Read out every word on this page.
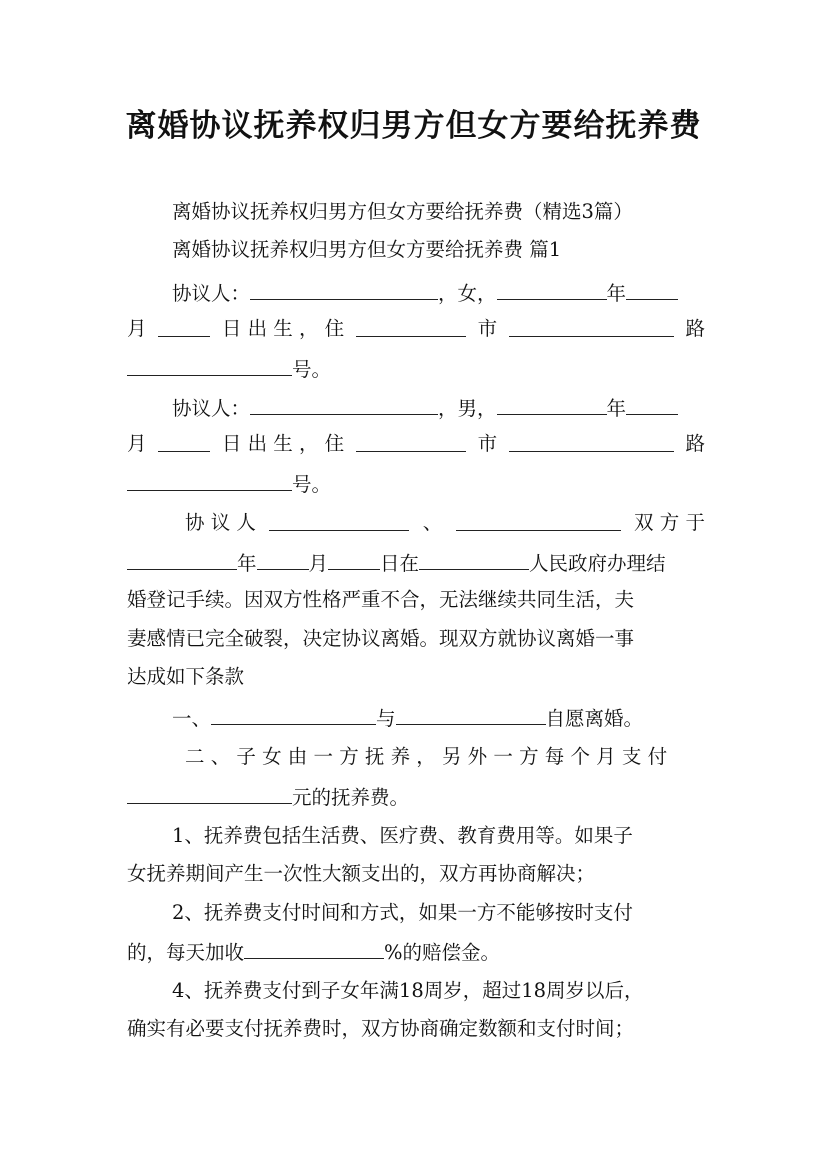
离婚协议抚养权归男方但女方要给抚养费
离婚协议抚养权归男方但女方要给抚养费（精选3篇）
离婚协议抚养权归男方但女方要给抚养费 篇1
协议人：	，女，	年
月	日 出 生 ， 住	市	路
号。
协议人：	，男，	年
月	日 出 生 ， 住	市	路
号。
协 议 人	、	双 方 于
年	月	日在	人民政府办理结
婚登记手续。因双方性格严重不合，无法继续共同生活，夫
妻感情已完全破裂，决定协议离婚。现双方就协议离婚一事
达成如下条款
一、	与	自愿离婚。
二 、 子 女 由 一 方 抚 养 ， 另 外 一 方 每 个 月 支 付
元的抚养费。
1、抚养费包括生活费、医疗费、教育费用等。如果子
女抚养期间产生一次性大额支出的，双方再协商解决；
2、抚养费支付时间和方式，如果一方不能够按时支付
的，每天加收	%的赔偿金。
4、抚养费支付到子女年满18周岁，超过18周岁以后，
确实有必要支付抚养费时，双方协商确定数额和支付时间；
